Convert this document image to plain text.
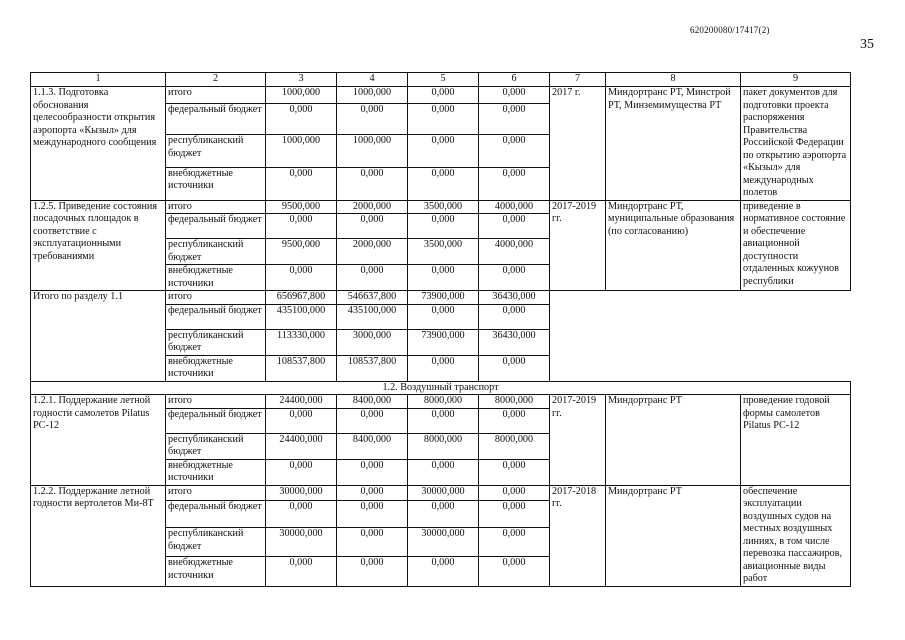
620200080/17417(2)
35
1	2	3	4	5	6	7	8	9
1.1.3. Подготовка обоснования целесообразности открытия аэропорта «Кызыл» для международного сообщения	итого	1000,000	1000,000	0,000	0,000	2017 г.	Миндортранс РТ, Минстрой РТ, Минземимущества РТ	пакет документов для подготовки проекта распоряжения Правительства Российской Федерации по открытию аэропорта «Кызыл» для международных полетов
	федеральный бюджет	0,000	0,000	0,000	0,000			
	республиканский бюджет	1000,000	1000,000	0,000	0,000			
	внебюджетные источники	0,000	0,000	0,000	0,000			
1.2.5. Приведение состояния посадочных площадок в соответствие с эксплуатационными требованиями	итого	9500,000	2000,000	3500,000	4000,000	2017-2019 гг.	Миндортранс РТ, муниципальные образования (по согласованию)	приведение в нормативное состояние и обеспечение авиационной доступности отдаленных кожуунов республики
	федеральный бюджет	0,000	0,000	0,000	0,000			
	республиканский бюджет	9500,000	2000,000	3500,000	4000,000			
	внебюджетные источники	0,000	0,000	0,000	0,000			
Итого по разделу 1.1	итого	656967,800	546637,800	73900,000	36430,000			
	федеральный бюджет	435100,000	435100,000	0,000	0,000			
	республиканский бюджет	113330,000	3000,000	73900,000	36430,000			
	внебюджетные источники	108537,800	108537,800	0,000	0,000			
1.2. Воздушный транспорт								
1.2.1. Поддержание летной годности самолетов Pilatus PC-12	итого	24400,000	8400,000	8000,000	8000,000	2017-2019 гг.	Миндортранс РТ	проведение годовой формы самолетов Pilatus PC-12
	федеральный бюджет	0,000	0,000	0,000	0,000			
	республиканский бюджет	24400,000	8400,000	8000,000	8000,000			
	внебюджетные источники	0,000	0,000	0,000	0,000			
1.2.2. Поддержание летной годности вертолетов Ми-8Т	итого	30000,000	0,000	30000,000	0,000	2017-2018 гг.	Миндортранс РТ	обеспечение эксплуатации воздушных судов на местных воздушных линиях, в том числе перевозка пассажиров, авиационные виды работ
	федеральный бюджет	0,000	0,000	0,000	0,000			
	республиканский бюджет	30000,000	0,000	30000,000	0,000			
	внебюджетные источники	0,000	0,000	0,000	0,000			
